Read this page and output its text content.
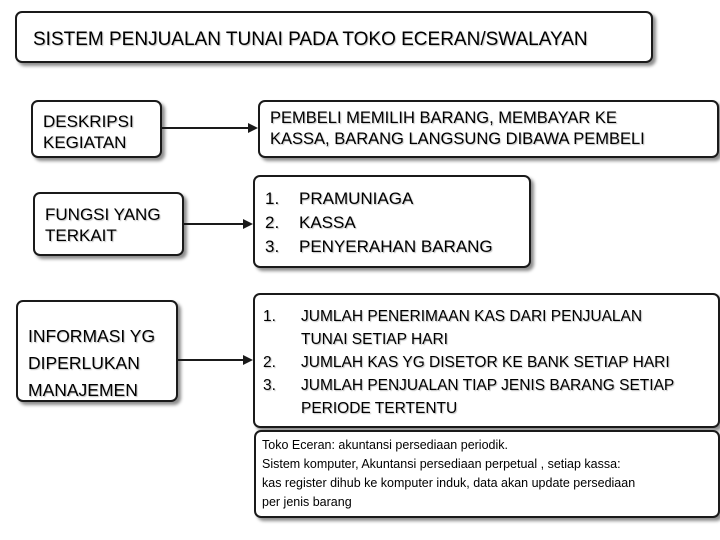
SISTEM PENJUALAN TUNAI PADA TOKO ECERAN/SWALAYAN
DESKRIPSI
KEGIATAN
FUNGSI YANG
TERKAIT
INFORMASI YG
DIPERLUKAN
MANAJEMEN
PEMBELI MEMILIH BARANG, MEMBAYAR KE
KASSA, BARANG LANGSUNG DIBAWA PEMBELI
1.	PRAMUNIAGA
2.	KASSA
3.	PENYERAHAN BARANG
1.	JUMLAH PENERIMAAN KAS DARI PENJUALAN
TUNAI SETIAP HARI
2.	JUMLAH KAS YG DISETOR KE BANK SETIAP HARI
3.	JUMLAH PENJUALAN TIAP JENIS BARANG SETIAP
PERIODE TERTENTU
Toko Eceran: akuntansi persediaan periodik.
Sistem komputer, Akuntansi persediaan perpetual , setiap kassa:
kas register dihub ke komputer induk, data akan update persediaan
per jenis barang
